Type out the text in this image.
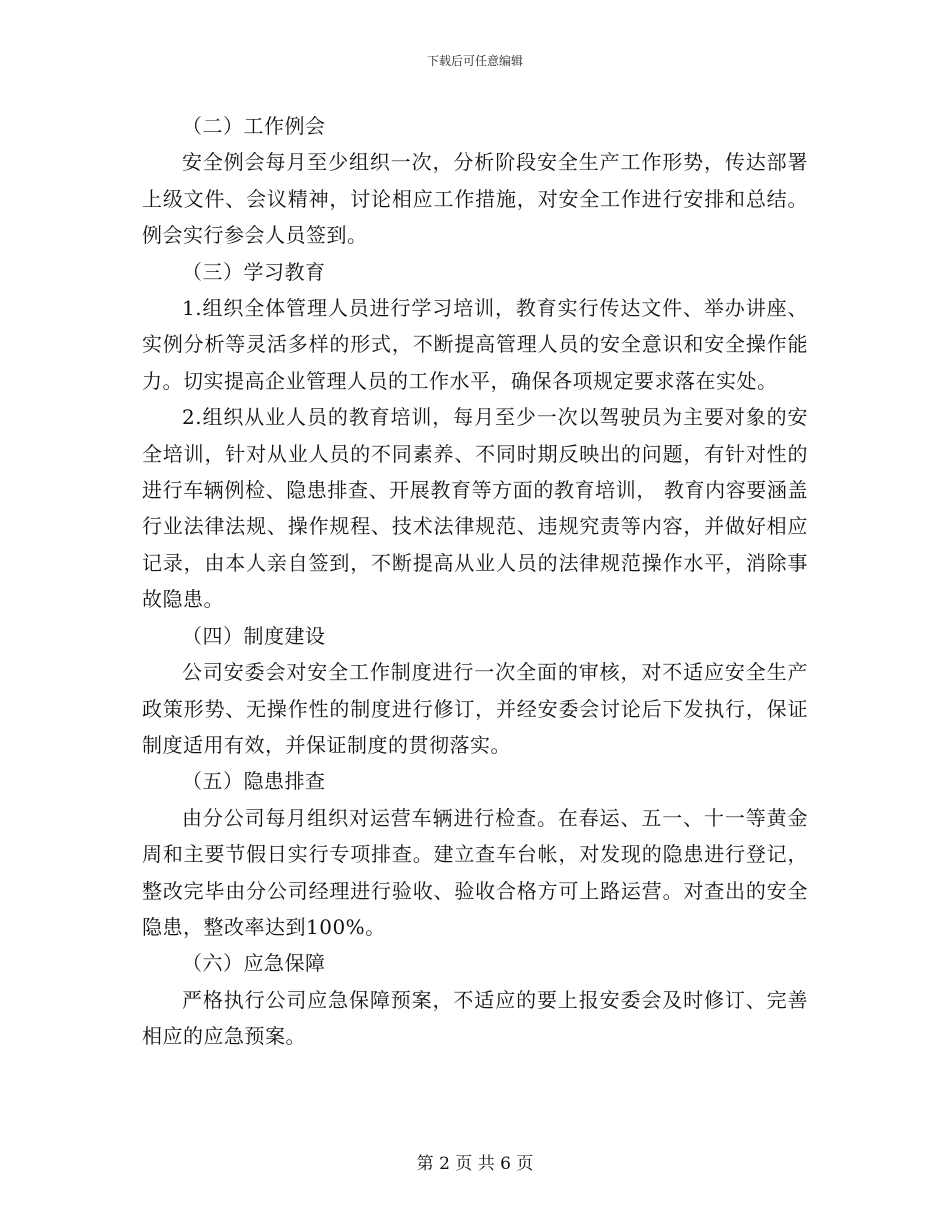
下载后可任意编辑

（二）工作例会

安全例会每月至少组织一次，分析阶段安全生产工作形势，传达部署上级文件、会议精神，讨论相应工作措施，对安全工作进行安排和总结。例会实行参会人员签到。

（三）学习教育

1.组织全体管理人员进行学习培训，教育实行传达文件、举办讲座、实例分析等灵活多样的形式，不断提高管理人员的安全意识和安全操作能力。切实提高企业管理人员的工作水平，确保各项规定要求落在实处。

2.组织从业人员的教育培训，每月至少一次以驾驶员为主要对象的安全培训，针对从业人员的不同素养、不同时期反映出的问题，有针对性的进行车辆例检、隐患排查、开展教育等方面的教育培训， 教育内容要涵盖行业法律法规、操作规程、技术法律规范、违规究责等内容，并做好相应记录，由本人亲自签到，不断提高从业人员的法律规范操作水平，消除事故隐患。

（四）制度建设

公司安委会对安全工作制度进行一次全面的审核，对不适应安全生产政策形势、无操作性的制度进行修订，并经安委会讨论后下发执行，保证制度适用有效，并保证制度的贯彻落实。

（五）隐患排查

由分公司每月组织对运营车辆进行检查。在春运、五一、十一等黄金周和主要节假日实行专项排查。建立查车台帐，对发现的隐患进行登记，整改完毕由分公司经理进行验收、验收合格方可上路运营。对查出的安全隐患，整改率达到100%。

（六）应急保障

严格执行公司应急保障预案，不适应的要上报安委会及时修订、完善相应的应急预案。

第 2 页 共 6 页
